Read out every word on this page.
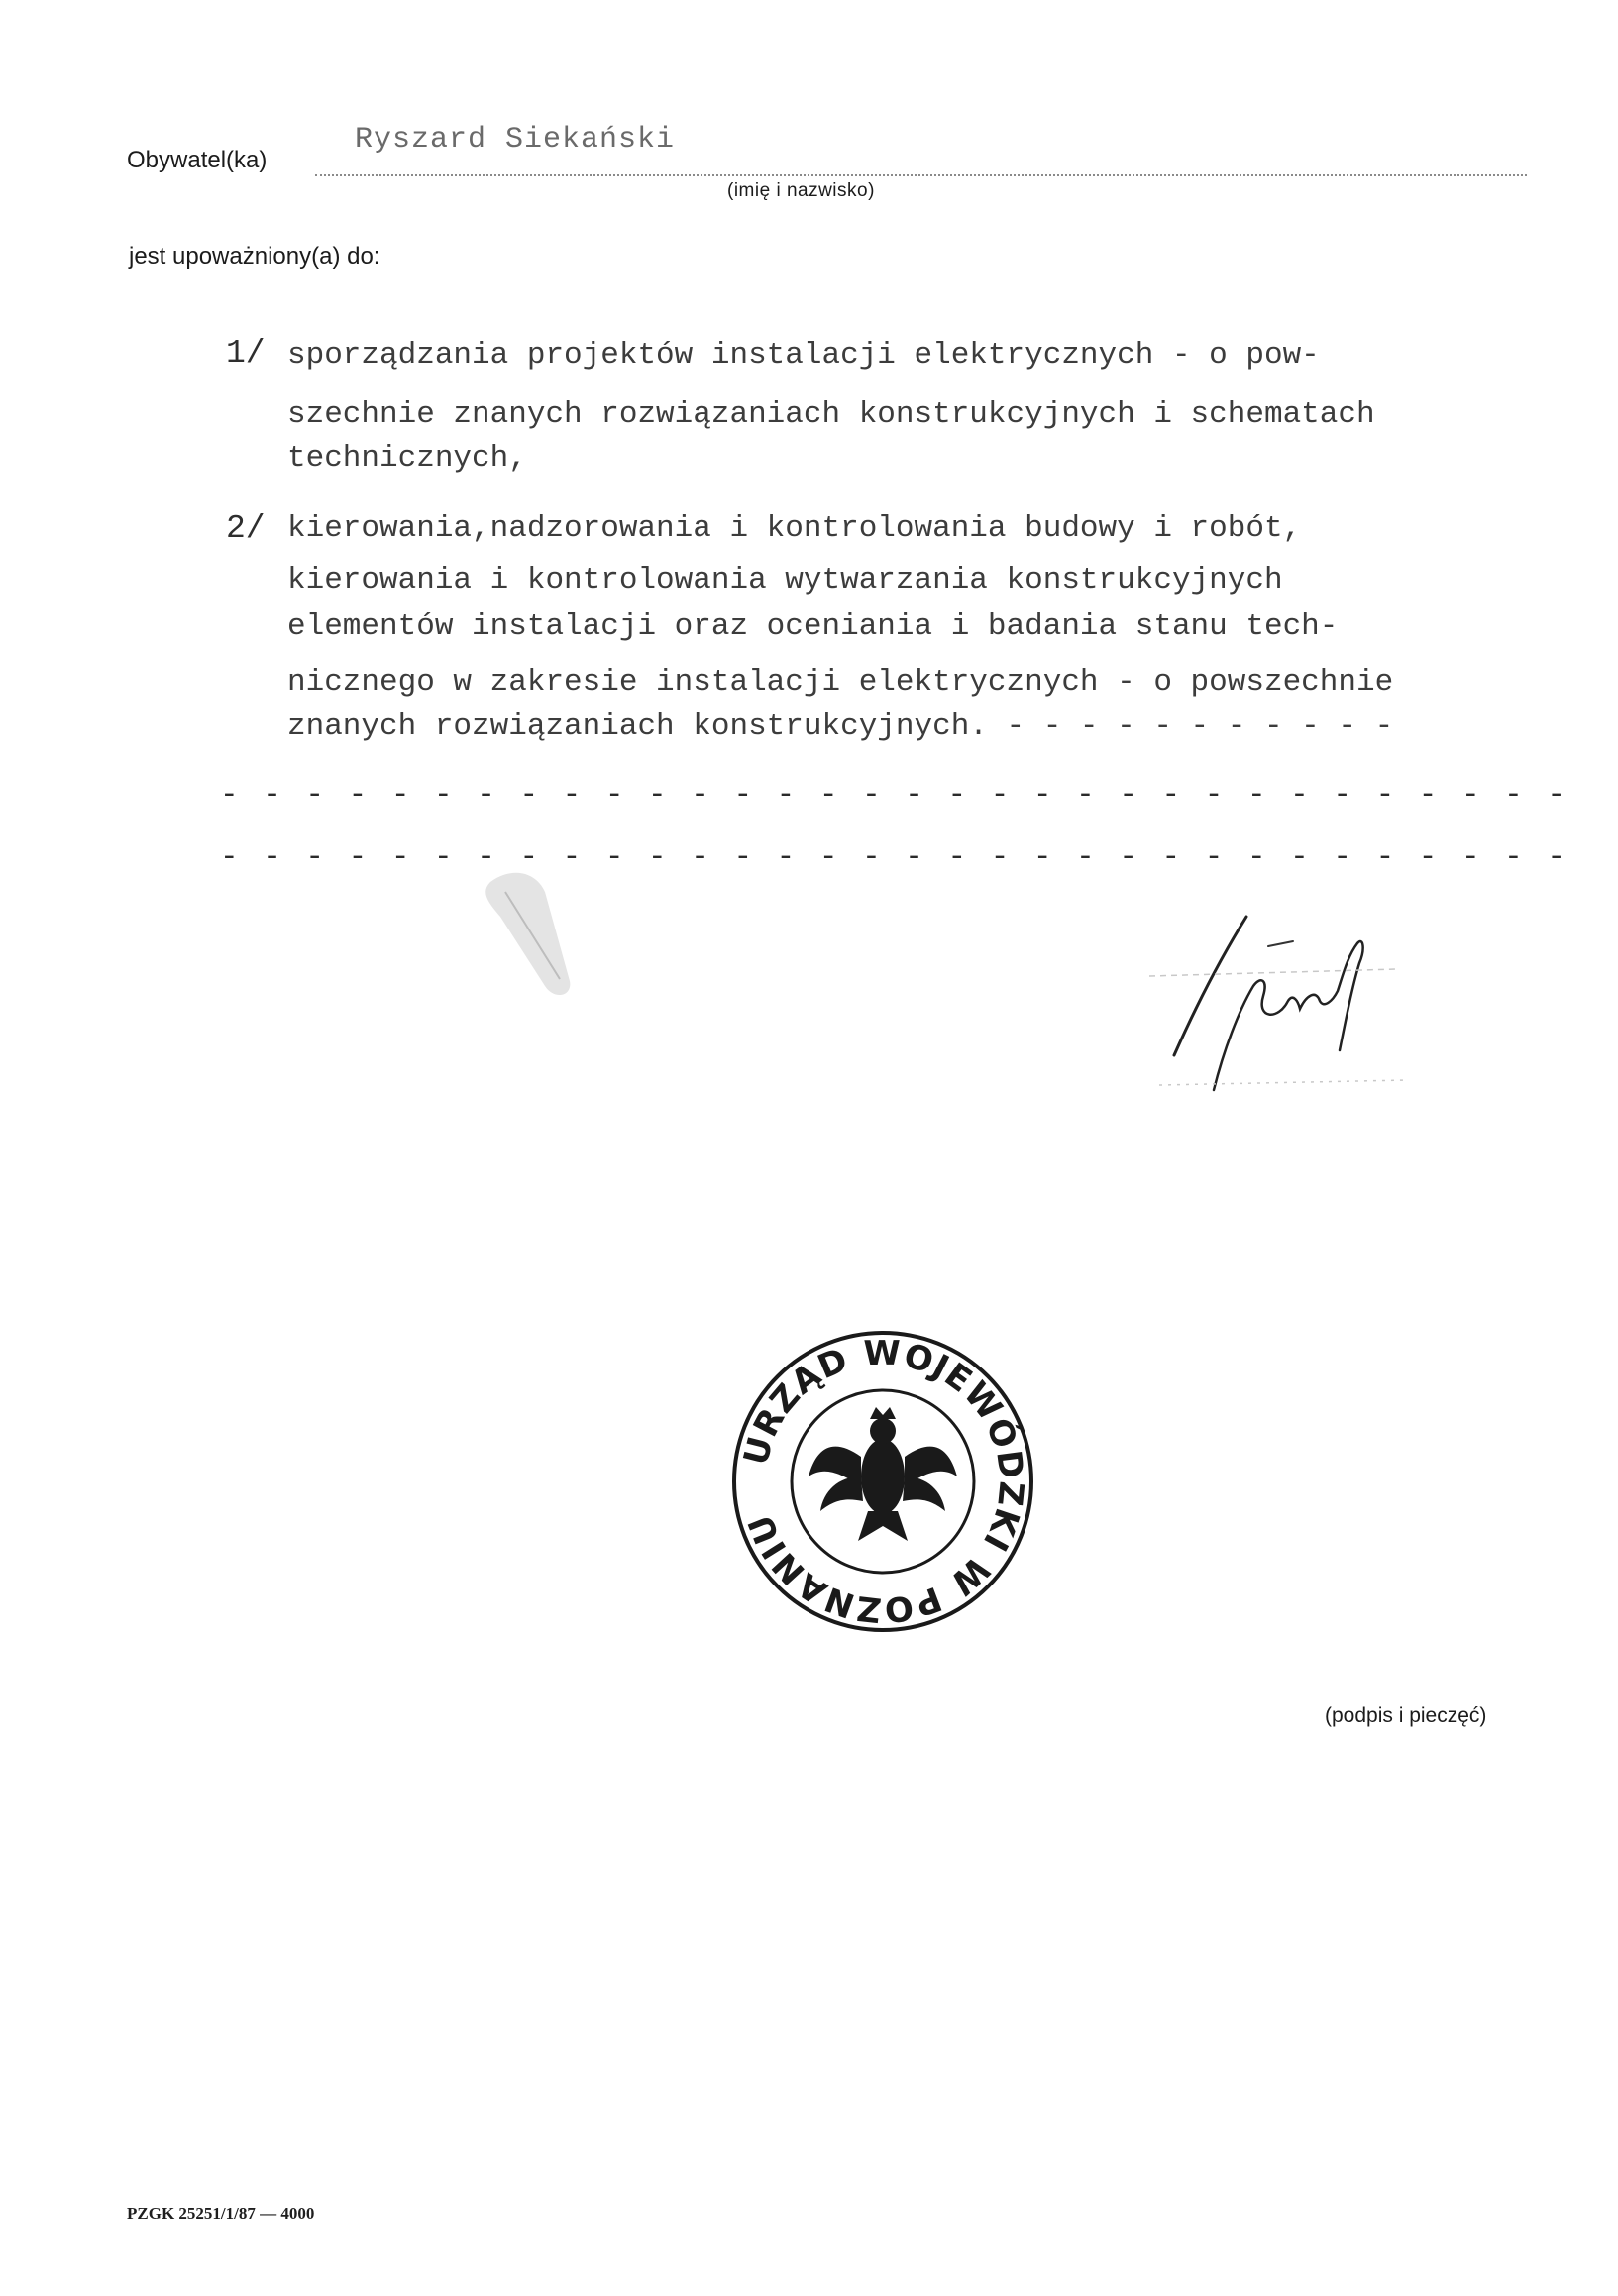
Obywatel(ka)
Ryszard Siekański
(imię i nazwisko)
jest upoważniony(a) do:
1/ sporządzania projektów instalacji elektrycznych - o pow-
szechnie znanych rozwiązaniach konstrukcyjnych i schematach
technicznych,
2/ kierowania,nadzorowania i kontrolowania budowy i robót,
kierowania i kontrolowania wytwarzania konstrukcyjnych
elementów instalacji oraz oceniania i badania stanu tech-
nicznego w zakresie instalacji elektrycznych - o powszechnie
znanych rozwiązaniach konstrukcyjnych. - - - - - - - - - - -
- - - - - - - - - - - - - - - - - - - - - - - - - - - - - - - -
- - - - - - - - - - - - - - - - - - - - - - - - - - - - - - - -
(podpis i pieczęć)
URZĄD WOJEWÓDZKI W POZNANIU
PZGK 25251/1/87 — 4000
